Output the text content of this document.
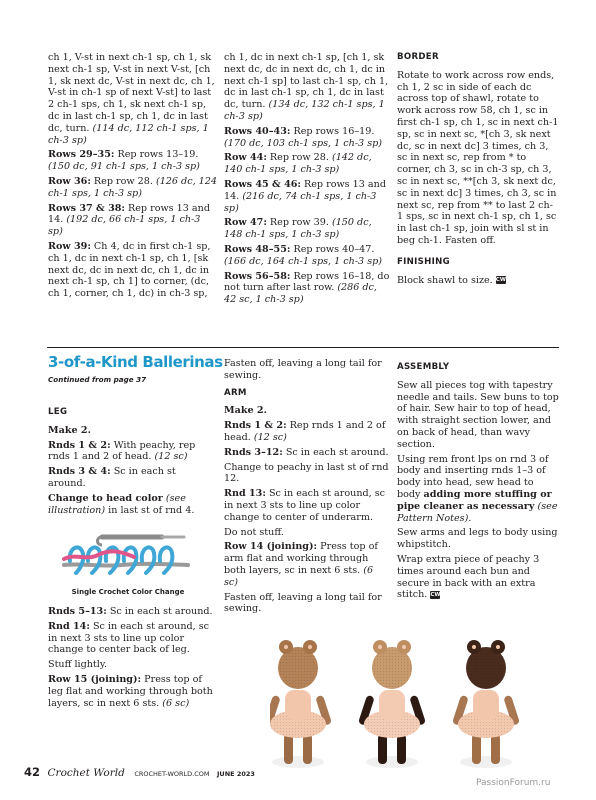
ch 1, V-st in next ch-1 sp, ch 1, sk next ch-1 sp, V-st in next V-st, [ch 1, sk next dc, V-st in next dc, ch 1, V-st in ch-1 sp of next V-st] to last 2 ch-1 sps, ch 1, sk next ch-1 sp, dc in last ch-1 sp, ch 1, dc in last dc, turn. (114 dc, 112 ch-1 sps, 1 ch-3 sp)

Rows 29–35: Rep rows 13–19. (150 dc, 91 ch-1 sps, 1 ch-3 sp)

Row 36: Rep row 28. (126 dc, 124 ch-1 sps, 1 ch-3 sp)

Rows 37 & 38: Rep rows 13 and 14. (192 dc, 66 ch-1 sps, 1 ch-3 sp)

Row 39: Ch 4, dc in first ch-1 sp, ch 1, dc in next ch-1 sp, ch 1, [sk next dc, dc in next dc, ch 1, dc in next ch-1 sp, ch 1] to corner, (dc, ch 1, corner, ch 1, dc) in ch-3 sp,

ch 1, dc in next ch-1 sp, [ch 1, sk next dc, dc in next dc, ch 1, dc in next ch-1 sp] to last ch-1 sp, ch 1, dc in last ch-1 sp, ch 1, dc in last dc, turn. (134 dc, 132 ch-1 sps, 1 ch-3 sp)

Rows 40–43: Rep rows 16–19. (170 dc, 103 ch-1 sps, 1 ch-3 sp)

Row 44: Rep row 28. (142 dc, 140 ch-1 sps, 1 ch-3 sp)

Rows 45 & 46: Rep rows 13 and 14. (216 dc, 74 ch-1 sps, 1 ch-3 sp)

Row 47: Rep row 39. (150 dc, 148 ch-1 sps, 1 ch-3 sp)

Rows 48–55: Rep rows 40–47. (166 dc, 164 ch-1 sps, 1 ch-3 sp)

Rows 56–58: Rep rows 16–18, do not turn after last row. (286 dc, 42 sc, 1 ch-3 sp)

BORDER

Rotate to work across row ends, ch 1, 2 sc in side of each dc across top of shawl, rotate to work across row 58, ch 1, sc in first ch-1 sp, ch 1, sc in next ch-1 sp, sc in next sc, *[ch 3, sk next dc, sc in next dc] 3 times, ch 3, sc in next sc, rep from * to corner, ch 3, sc in ch-3 sp, ch 3, sc in next sc, **[ch 3, sk next dc, sc in next dc] 3 times, ch 3, sc in next sc, rep from ** to last 2 ch-1 sps, sc in next ch-1 sp, ch 1, sc in last ch-1 sp, join with sl st in beg ch-1. Fasten off.

FINISHING

Block shawl to size. CW

3-of-a-Kind Ballerinas
Continued from page 37
LEG

Make 2.

Rnds 1 & 2: With peachy, rep rnds 1 and 2 of head. (12 sc)

Rnds 3 & 4: Sc in each st around.

Change to head color (see illustration) in last st of rnd 4.

Single Crochet Color Change

Rnds 5–13: Sc in each st around.

Rnd 14: Sc in each st around, sc in next 3 sts to line up color change to center back of leg.

Stuff lightly.

Row 15 (joining): Press top of leg flat and working through both layers, sc in next 6 sts. (6 sc)

Fasten off, leaving a long tail for sewing.

ARM

Make 2.

Rnds 1 & 2: Rep rnds 1 and 2 of head. (12 sc)

Rnds 3–12: Sc in each st around.

Change to peachy in last st of rnd 12.

Rnd 13: Sc in each st around, sc in next 3 sts to line up color change to center of underarm.

Do not stuff.

Row 14 (joining): Press top of arm flat and working through both layers, sc in next 6 sts. (6 sc)

Fasten off, leaving a long tail for sewing.

ASSEMBLY

Sew all pieces tog with tapestry needle and tails. Sew buns to top of hair. Sew hair to top of head, with straight section lower, and on back of head, than wavy section.

Using rem front lps on rnd 3 of body and inserting rnds 1–3 of body into head, sew head to body adding more stuffing or pipe cleaner as necessary (see Pattern Notes).

Sew arms and legs to body using whipstitch.

Wrap extra piece of peachy 3 times around each bun and secure in back with an extra stitch. CW

42 Crochet World CROCHET-WORLD.COM JUNE 2023
PassionForum.ru
